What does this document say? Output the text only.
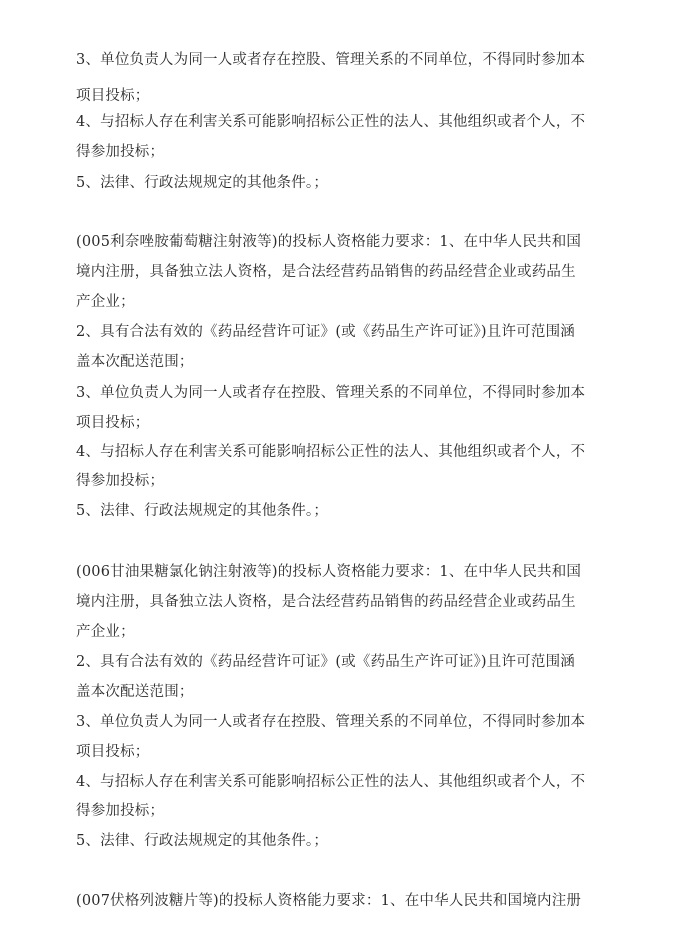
3、单位负责人为同一人或者存在控股、管理关系的不同单位，不得同时参加本
项目投标；
4、与招标人存在利害关系可能影响招标公正性的法人、其他组织或者个人，不
得参加投标；
5、法律、行政法规规定的其他条件。；
(005利奈唑胺葡萄糖注射液等)的投标人资格能力要求：1、在中华人民共和国
境内注册，具备独立法人资格，是合法经营药品销售的药品经营企业或药品生
产企业；
2、具有合法有效的《药品经营许可证》(或《药品生产许可证》)且许可范围涵
盖本次配送范围；
3、单位负责人为同一人或者存在控股、管理关系的不同单位，不得同时参加本
项目投标；
4、与招标人存在利害关系可能影响招标公正性的法人、其他组织或者个人，不
得参加投标；
5、法律、行政法规规定的其他条件。；
(006甘油果糖氯化钠注射液等)的投标人资格能力要求：1、在中华人民共和国
境内注册，具备独立法人资格，是合法经营药品销售的药品经营企业或药品生
产企业；
2、具有合法有效的《药品经营许可证》(或《药品生产许可证》)且许可范围涵
盖本次配送范围；
3、单位负责人为同一人或者存在控股、管理关系的不同单位，不得同时参加本
项目投标；
4、与招标人存在利害关系可能影响招标公正性的法人、其他组织或者个人，不
得参加投标；
5、法律、行政法规规定的其他条件。；
(007伏格列波糖片等)的投标人资格能力要求：1、在中华人民共和国境内注册
